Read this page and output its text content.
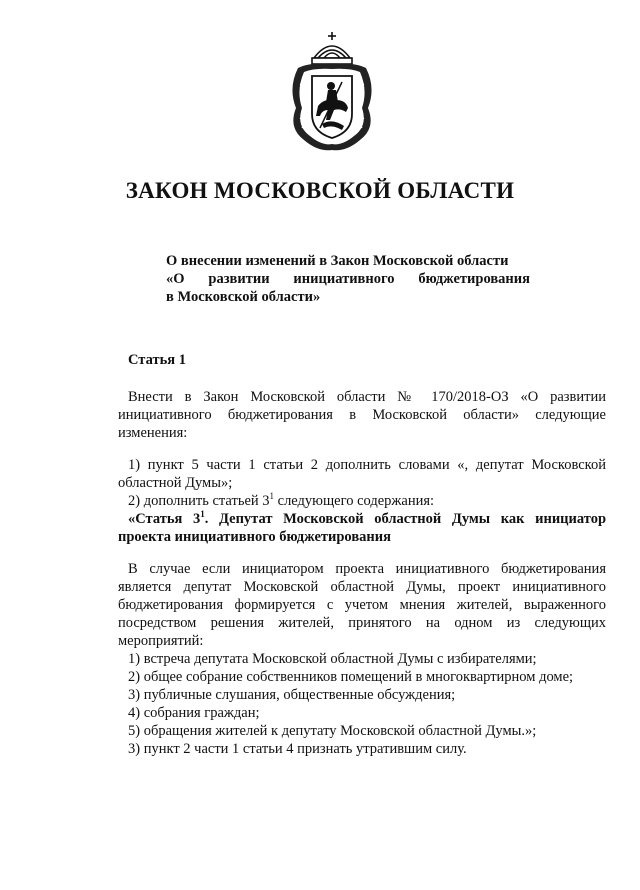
ЗАКОН МОСКОВСКОЙ ОБЛАСТИ
О внесении изменений в Закон Московской области
«О развитии инициативного бюджетирования
в Московской области»
Статья 1
Внести в Закон Московской области № 170/2018-ОЗ «О развитии
инициативного бюджетирования в Московской области» следующие
изменения:
1) пункт 5 части 1 статьи 2 дополнить словами «, депутат Московской
областной Думы»;
2) дополнить статьей $3^1$ следующего содержания:
«Статья $3^1$. Депутат Московской областной Думы как инициатор
проекта инициативного бюджетирования
В случае если инициатором проекта инициативного бюджетирования
является депутат Московской областной Думы, проект инициативного
бюджетирования формируется с учетом мнения жителей, выраженного
посредством решения жителей, принятого на одном из следующих
мероприятий:
1) встреча депутата Московской областной Думы с избирателями;
2) общее собрание собственников помещений в многоквартирном доме;
3) публичные слушания, общественные обсуждения;
4) собрания граждан;
5) обращения жителей к депутату Московской областной Думы.»;
3) пункт 2 части 1 статьи 4 признать утратившим силу.
